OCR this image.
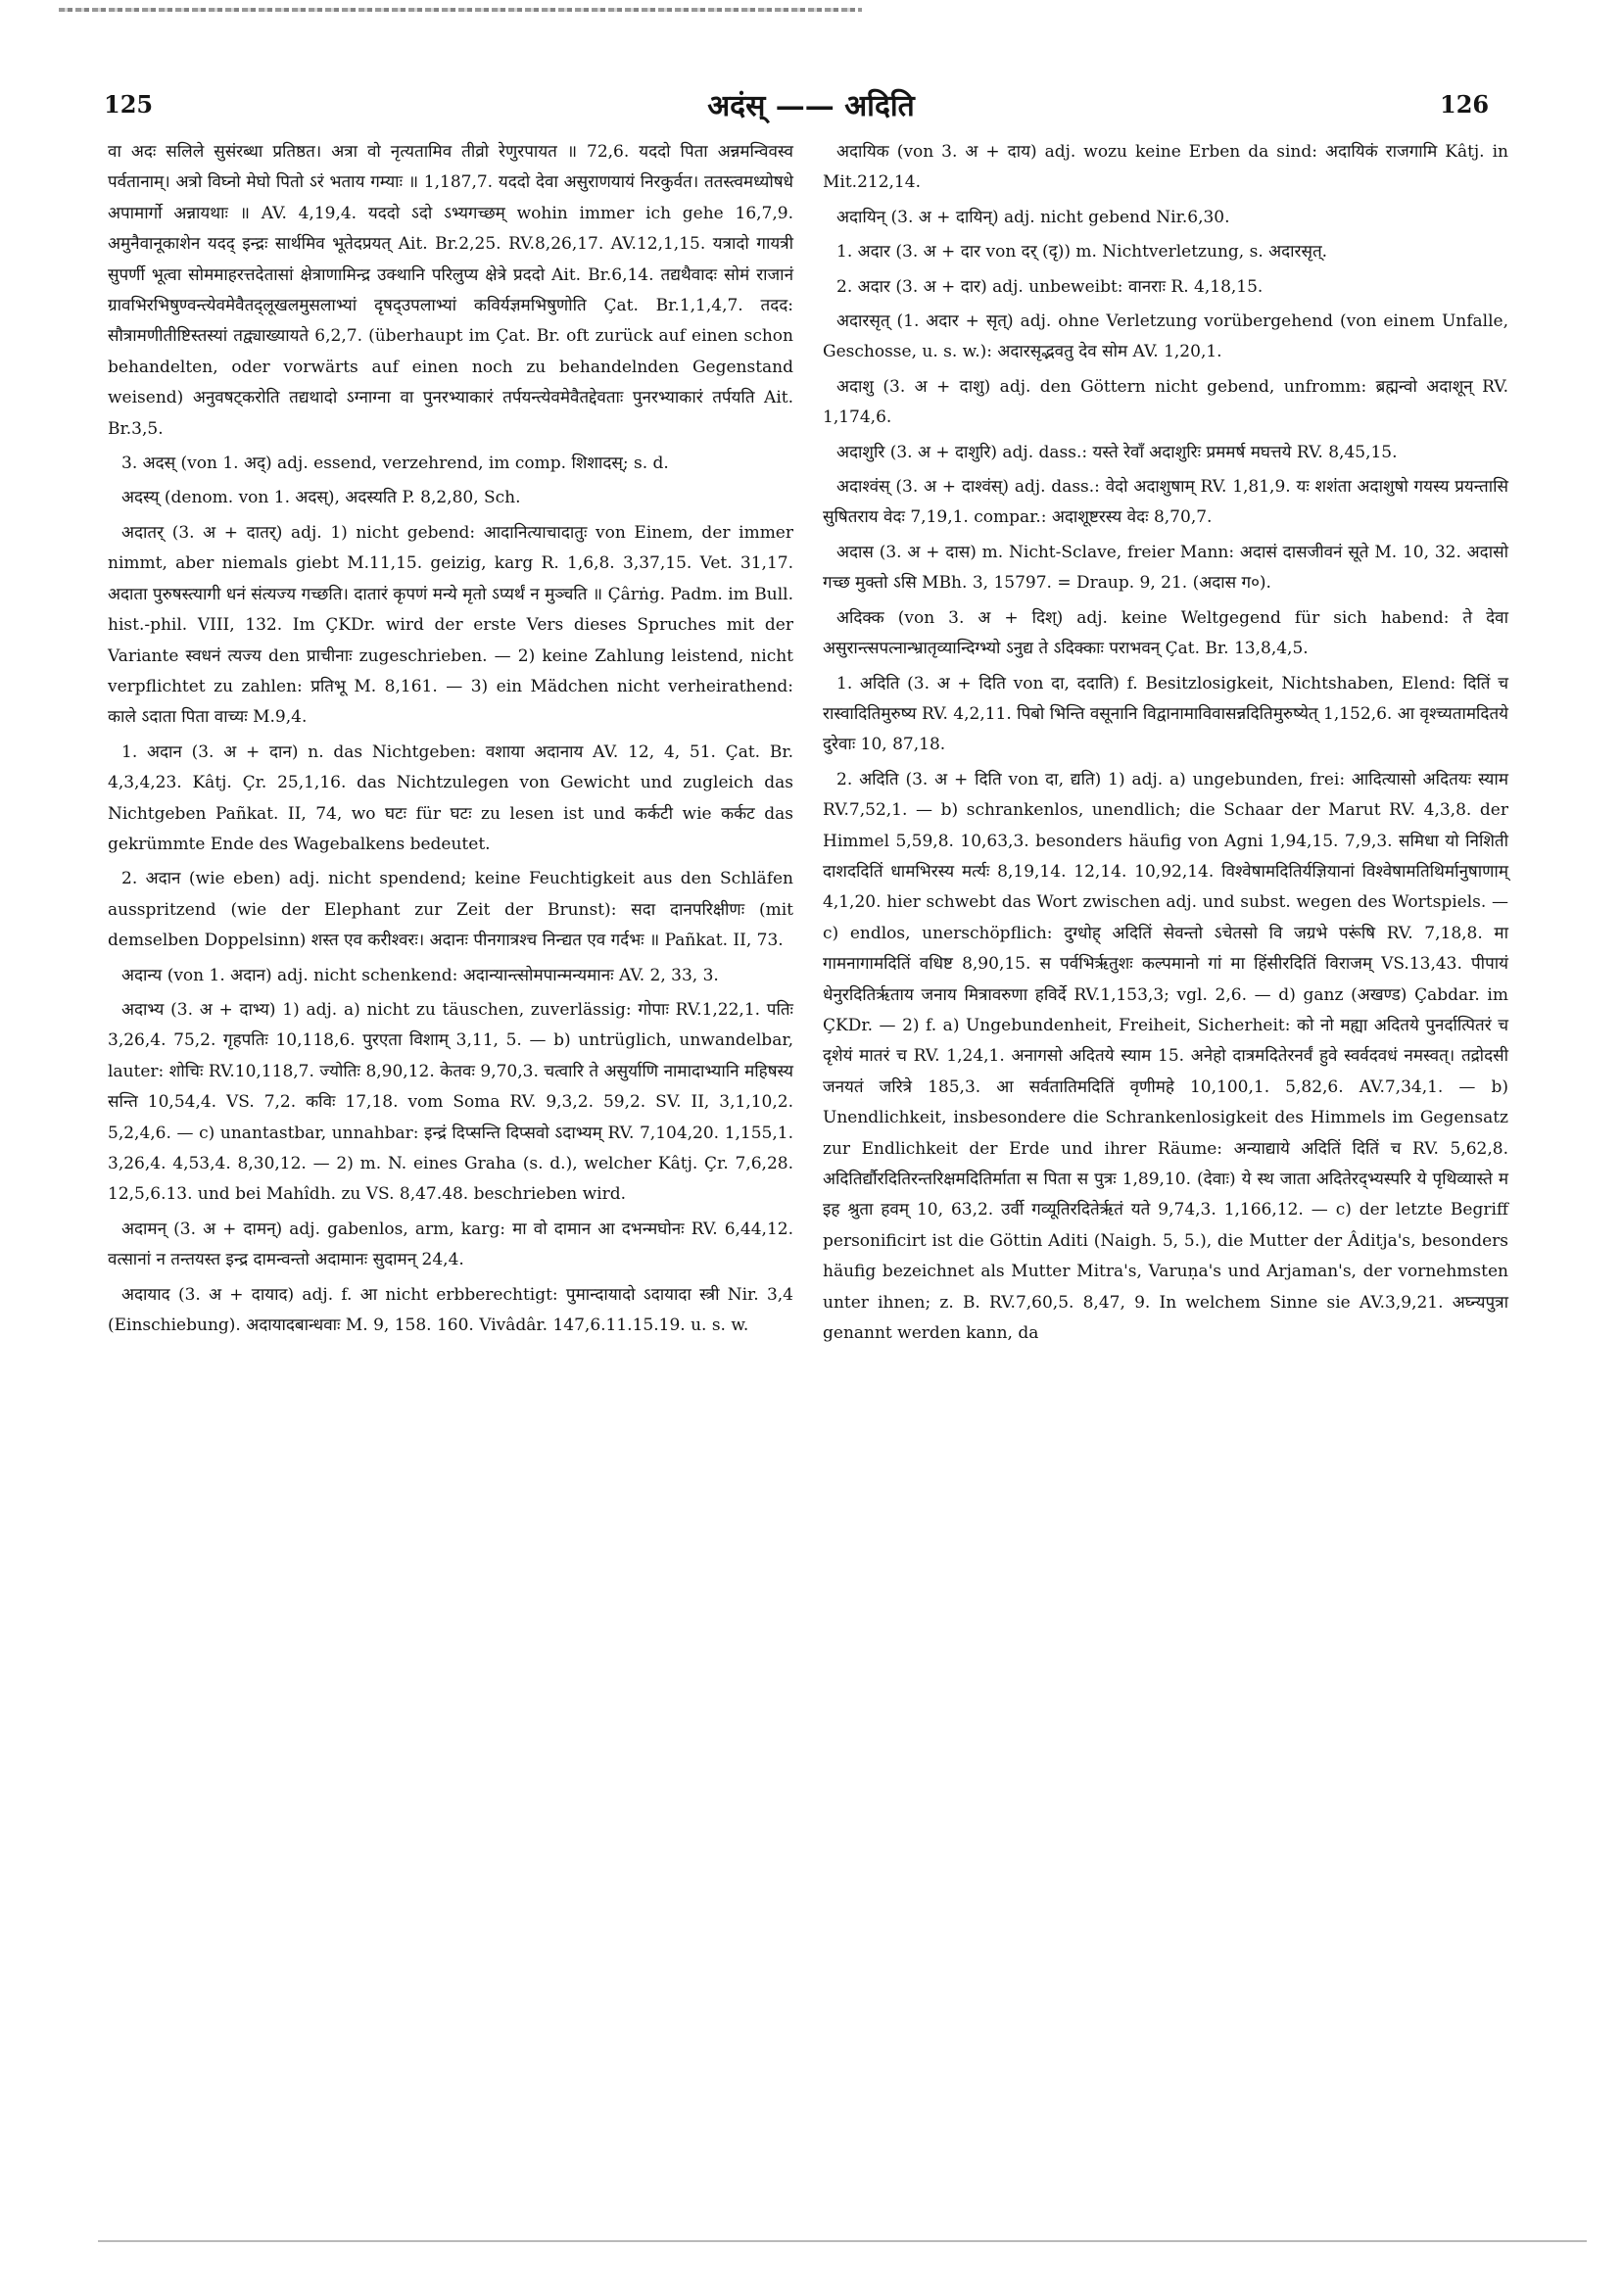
125	अदंस् —— अदिति	126

वा अदः सलिले सुसंरब्धा प्रतिष्ठत। अत्रा वो नृत्यतामिव तीव्रो रेणुरपायत ॥ 72,6. यददो पिता अन्नमन्विवस्व पर्वतानाम्। अत्रो विघ्नो मेघो पितो ऽरं भताय गम्याः ॥ 1,187,7. यददो देवा असुराणयायं निरकुर्वत। ततस्त्वमध्योषधे अपामार्गो अन्नायथाः ॥ AV. 4,19,4. यददो ऽदो ऽभ्यगच्छम् wohin immer ich gehe 16,7,9. अमुनैवानूकाशेन यदद् इन्द्रः सार्थमिव भूतेदप्रयत् Ait. Br.2,25. RV.8,26,17. AV.12,1,15. यत्रादो गायत्री सुपर्णी भूत्वा सोममाहरत्तदेतासां क्षेत्राणामिन्द्र उक्थानि परिलुप्य क्षेत्रे प्रददो Ait. Br.6,14. तद्यथैवादः सोमं राजानं ग्रावभिरभिषुण्वन्त्येवमेवैतद्लूखलमुसलाभ्यां दृषद्उपलाभ्यां कविर्यज्ञमभिषुणोति Çat. Br.1,1,4,7. तदद: सौत्रामणीतीष्टिस्तस्यां तद्व्याख्यायते 6,2,7. (überhaupt im Çat. Br. oft zurück auf einen schon behandelten, oder vorwärts auf einen noch zu behandelnden Gegenstand weisend) अनुवषट्करोति तद्यथादो ऽग्नाग्ना वा पुनरभ्याकारं तर्पयन्त्येवमेवैतद्देवताः पुनरभ्याकारं तर्पयति Ait. Br.3,5.

3. अदस् (von 1. अद्) adj. essend, verzehrend, im comp. शिशादस्; s. d.

अदस्य् (denom. von 1. अदस्), अदस्यति P. 8,2,80, Sch.

अदातर् (3. अ + दातर्) adj. 1) nicht gebend: आदानित्याचादातुः von Einem, der immer nimmt, aber niemals giebt M.11,15. geizig, karg R. 1,6,8. 3,37,15. Vet. 31,17. अदाता पुरुषस्त्यागी धनं संत्यज्य गच्छति। दातारं कृपणं मन्ये मृतो ऽप्यर्थं न मुञ्चति ॥ Çârṅg. Padm. im Bull. hist.-phil. VIII, 132. Im ÇKDr. wird der erste Vers dieses Spruches mit der Variante स्वधनं त्यज्य den प्राचीनाः zugeschrieben. — 2) keine Zahlung leistend, nicht verpflichtet zu zahlen: प्रतिभू M. 8,161. — 3) ein Mädchen nicht verheirathend: काले ऽदाता पिता वाच्यः M.9,4.

1. अदान (3. अ + दान) n. das Nichtgeben: वशाया अदानाय AV. 12, 4, 51. Çat. Br. 4,3,4,23. Kâtj. Çr. 25,1,16. das Nichtzulegen von Gewicht und zugleich das Nichtgeben Pañkat. II, 74, wo घटः für घटः zu lesen ist und कर्कटी wie कर्कट das gekrümmte Ende des Wagebalkens bedeutet.

2. अदान (wie eben) adj. nicht spendend; keine Feuchtigkeit aus den Schläfen ausspritzend (wie der Elephant zur Zeit der Brunst): सदा दानपरिक्षीणः (mit demselben Doppelsinn) शस्त एव करीश्वरः। अदानः पीनगात्रश्च निन्द्यत एव गर्दभः ॥ Pañkat. II, 73.

अदान्य (von 1. अदान) adj. nicht schenkend: अदान्यान्त्सोमपान्मन्यमानः AV. 2, 33, 3.

अदाभ्य (3. अ + दाभ्य) 1) adj. a) nicht zu täuschen, zuverlässig: गोपाः RV.1,22,1. पतिः 3,26,4. 75,2. गृहपतिः 10,118,6. पुरएता विशाम् 3,11, 5. — b) untrüglich, unwandelbar, lauter: शोचिः RV.10,118,7. ज्योतिः 8,90,12. केतवः 9,70,3. चत्वारि ते असुर्याणि नामादाभ्यानि महिषस्य सन्ति 10,54,4. VS. 7,2. कविः 17,18. vom Soma RV. 9,3,2. 59,2. SV. II, 3,1,10,2. 5,2,4,6. — c) unantastbar, unnahbar: इन्द्रं दिप्सन्ति दिप्सवो ऽदाभ्यम् RV. 7,104,20. 1,155,1. 3,26,4. 4,53,4. 8,30,12. — 2) m. N. eines Graha (s. d.), welcher Kâtj. Çr. 7,6,28. 12,5,6.13. und bei Mahîdh. zu VS. 8,47.48. beschrieben wird.

अदामन् (3. अ + दामन्) adj. gabenlos, arm, karg: मा वो दामान आ दभन्मघोनः RV. 6,44,12. वत्सानां न तन्तयस्त इन्द्र दामन्वन्तो अदामानः सुदामन् 24,4.

अदायाद (3. अ + दायाद) adj. f. आ nicht erbberechtigt: पुमान्दायादो ऽदायादा स्त्री Nir. 3,4 (Einschiebung). अदायादबान्धवाः M. 9, 158. 160. Vivâdâr. 147,6.11.15.19. u. s. w.

अदायिक (von 3. अ + दाय) adj. wozu keine Erben da sind: अदायिकं राजगामि Kâtj. in Mit.212,14.

अदायिन् (3. अ + दायिन्) adj. nicht gebend Nir.6,30.

1. अदार (3. अ + दार von दर् (दृ)) m. Nichtverletzung, s. अदारसृत्.

2. अदार (3. अ + दार) adj. unbeweibt: वानराः R. 4,18,15.

अदारसृत् (1. अदार + सृत्) adj. ohne Verletzung vorübergehend (von einem Unfalle, Geschosse, u. s. w.): अदारसृद्भवतु देव सोम AV. 1,20,1.

अदाशु (3. अ + दाशु) adj. den Göttern nicht gebend, unfromm: ब्रह्मन्वो अदाशून् RV. 1,174,6.

अदाशुरि (3. अ + दाशुरि) adj. dass.: यस्ते रेवाँ अदाशुरिः प्रममर्ष मघत्तये RV. 8,45,15.

अदाश्वंस् (3. अ + दाश्वंस्) adj. dass.: वेदो अदाशुषाम् RV. 1,81,9. यः शशंता अदाशुषो गयस्य प्रयन्तासि सुषितराय वेदः 7,19,1. compar.: अदाशूष्टरस्य वेदः 8,70,7.

अदास (3. अ + दास) m. Nicht-Sclave, freier Mann: अदासं दासजीवनं सूते M. 10, 32. अदासो गच्छ मुक्तो ऽसि MBh. 3, 15797. = Draup. 9, 21. (अदास ग०).

अदिक्क (von 3. अ + दिश्) adj. keine Weltgegend für sich habend: ते देवा असुरान्त्सपत्नान्भ्रातृव्यान्दिग्भ्यो ऽनुद्य ते ऽदिक्काः पराभवन् Çat. Br. 13,8,4,5.

1. अदिति (3. अ + दिति von दा, ददाति) f. Besitzlosigkeit, Nichtshaben, Elend: दितिं च रास्वादितिमुरुष्य RV. 4,2,11. पिबो भिन्ति वसूनानि विद्वानामाविवासन्नदितिमुरुष्येत् 1,152,6. आ वृश्च्यतामदितये दुरेवाः 10, 87,18.

2. अदिति (3. अ + दिति von दा, द्यति) 1) adj. a) ungebunden, frei: आदित्यासो अदितयः स्याम RV.7,52,1. — b) schrankenlos, unendlich; die Schaar der Marut RV. 4,3,8. der Himmel 5,59,8. 10,63,3. besonders häufig von Agni 1,94,15. 7,9,3. समिधा यो निशिती दाशददितिं धामभिरस्य मर्त्यः 8,19,14. 12,14. 10,92,14. विश्वेषामदितिर्यज्ञियानां विश्वेषामतिथिर्मानुषाणाम् 4,1,20. hier schwebt das Wort zwischen adj. und subst. wegen des Wortspiels. — c) endlos, unerschöpflich: दुग्धोह् अदितिं सेवन्तो ऽचेतसो वि जग्रभे परूंषि RV. 7,18,8. मा गामनागामदितिं वधिष्ट 8,90,15. स पर्वभिर्ऋतुशः कल्पमानो गां मा हिंसीरदितिं विराजम् VS.13,43. पीपायं धेनुरदितिर्ऋताय जनाय मित्रावरुणा हविर्दे RV.1,153,3; vgl. 2,6. — d) ganz (अखण्ड) Çabdar. im ÇKDr. — 2) f. a) Ungebundenheit, Freiheit, Sicherheit: को नो मह्या अदितये पुनर्दात्पितरं च दृशेयं मातरं च RV. 1,24,1. अनागसो अदितये स्याम 15. अनेहो दात्रमदितेरनर्वं हुवे स्वर्वदवधं नमस्वत्। तद्रोदसी जनयतं जरित्रे 185,3. आ सर्वतातिमदितिं वृणीमहे 10,100,1. 5,82,6. AV.7,34,1. — b) Unendlichkeit, insbesondere die Schrankenlosigkeit des Himmels im Gegensatz zur Endlichkeit der Erde und ihrer Räume: अन्याद्याये अदितिं दितिं च RV. 5,62,8. अदितिर्द्यौरदितिरन्तरिक्षमदितिर्माता स पिता स पुत्रः 1,89,10. (देवाः) ये स्थ जाता अदितेरद्भ्यस्परि ये पृथिव्यास्ते म इह श्रुता हवम् 10, 63,2. उर्वी गव्यूतिरदितेर्ऋतं यते 9,74,3. 1,166,12. — c) der letzte Begriff personificirt ist die Göttin Aditi (Naigh. 5, 5.), die Mutter der Âditja's, besonders häufig bezeichnet als Mutter Mitra's, Varuṇa's und Arjaman's, der vornehmsten unter ihnen; z. B. RV.7,60,5. 8,47, 9. In welchem Sinne sie AV.3,9,21. अघ्न्यपुत्रा genannt werden kann, da
